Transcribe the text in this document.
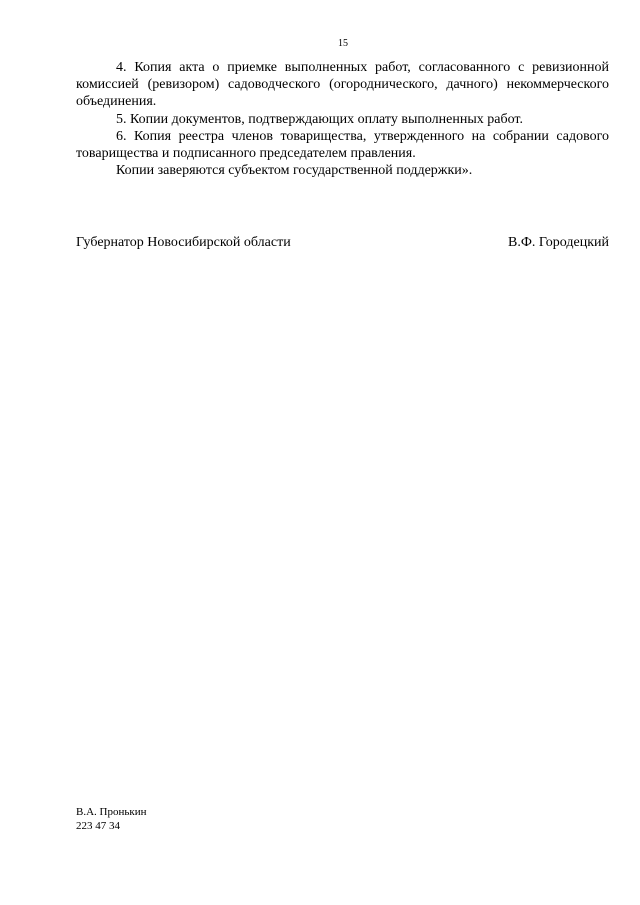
15

4. Копия акта о приемке выполненных работ, согласованного с ревизионной комиссией (ревизором) садоводческого (огороднического, дачного) некоммерческого объединения.

5. Копии документов, подтверждающих оплату выполненных работ.

6. Копия реестра членов товарищества, утвержденного на собрании садового товарищества и подписанного председателем правления.

Копии заверяются субъектом государственной поддержки».

Губернатор Новосибирской области	В.Ф. Городецкий
В.А. Пронькин
223 47 34
